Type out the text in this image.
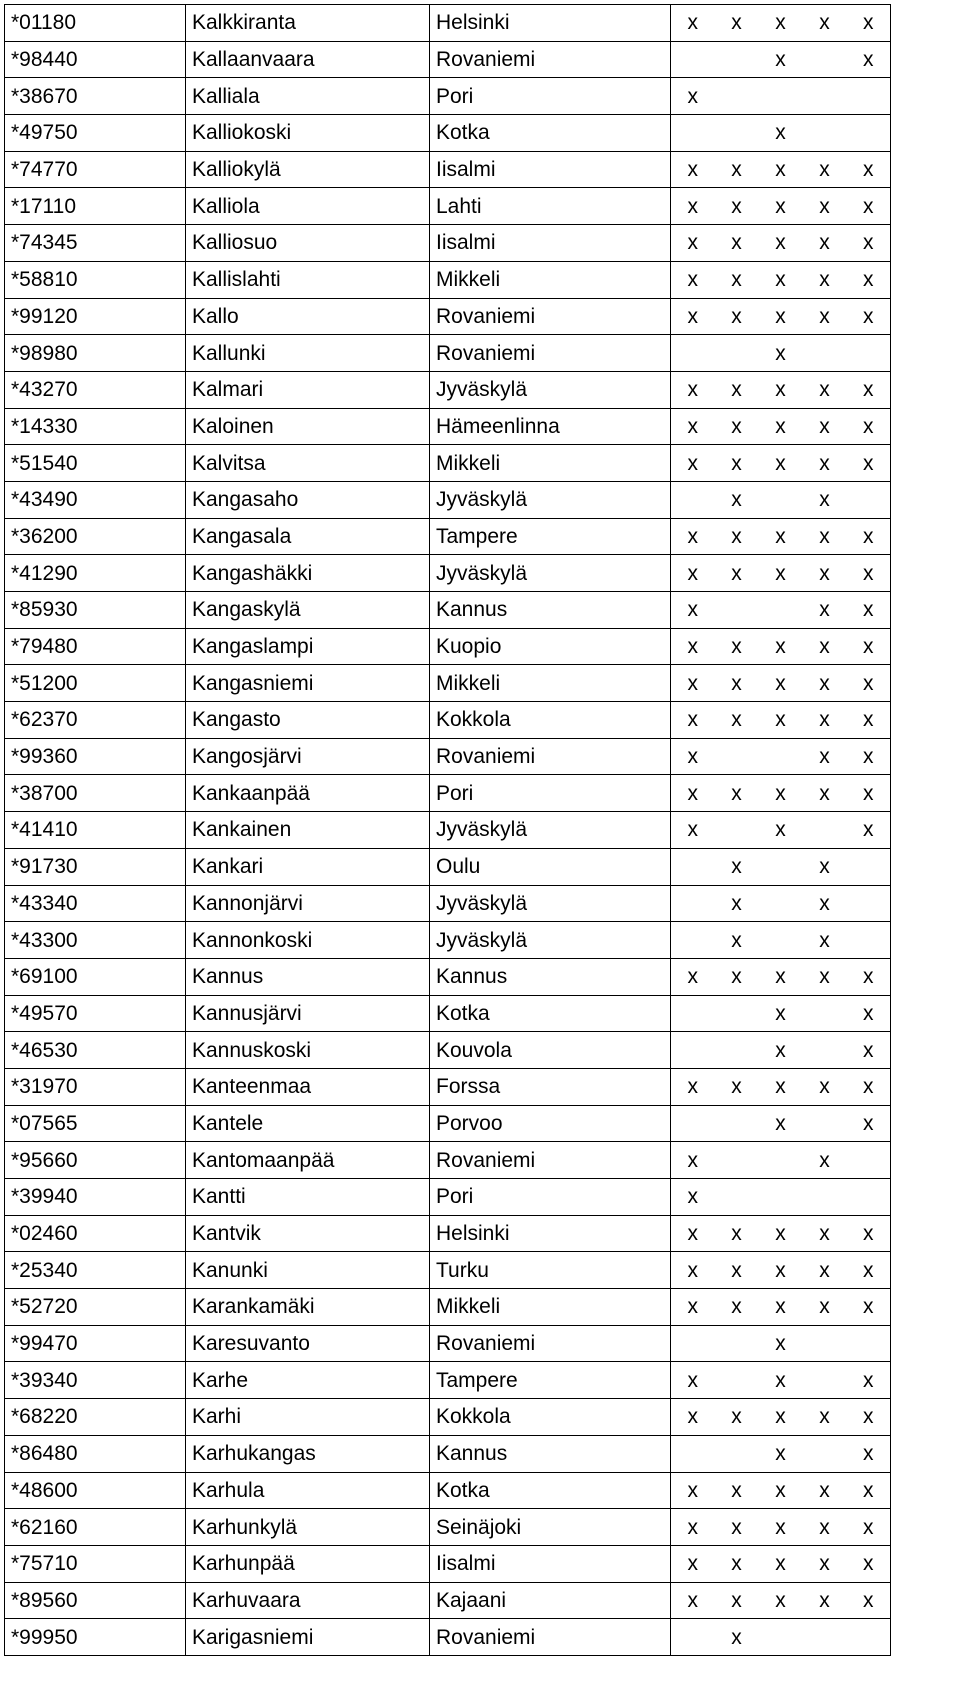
*01180	Kalkkiranta	Helsinki	x	x	x	x	x
*98440	Kallaanvaara	Rovaniemi			x		x
*38670	Kalliala	Pori	x				
*49750	Kalliokoski	Kotka			x		
*74770	Kalliokylä	Iisalmi	x	x	x	x	x
*17110	Kalliola	Lahti	x	x	x	x	x
*74345	Kalliosuo	Iisalmi	x	x	x	x	x
*58810	Kallislahti	Mikkeli	x	x	x	x	x
*99120	Kallo	Rovaniemi	x	x	x	x	x
*98980	Kallunki	Rovaniemi			x		
*43270	Kalmari	Jyväskylä	x	x	x	x	x
*14330	Kaloinen	Hämeenlinna	x	x	x	x	x
*51540	Kalvitsa	Mikkeli	x	x	x	x	x
*43490	Kangasaho	Jyväskylä		x		x	
*36200	Kangasala	Tampere	x	x	x	x	x
*41290	Kangashäkki	Jyväskylä	x	x	x	x	x
*85930	Kangaskylä	Kannus	x			x	x
*79480	Kangaslampi	Kuopio	x	x	x	x	x
*51200	Kangasniemi	Mikkeli	x	x	x	x	x
*62370	Kangasto	Kokkola	x	x	x	x	x
*99360	Kangosjärvi	Rovaniemi	x			x	x
*38700	Kankaanpää	Pori	x	x	x	x	x
*41410	Kankainen	Jyväskylä	x		x		x
*91730	Kankari	Oulu		x		x	
*43340	Kannonjärvi	Jyväskylä		x		x	
*43300	Kannonkoski	Jyväskylä		x		x	
*69100	Kannus	Kannus	x	x	x	x	x
*49570	Kannusjärvi	Kotka			x		x
*46530	Kannuskoski	Kouvola			x		x
*31970	Kanteenmaa	Forssa	x	x	x	x	x
*07565	Kantele	Porvoo			x		x
*95660	Kantomaanpää	Rovaniemi	x			x	
*39940	Kantti	Pori	x				
*02460	Kantvik	Helsinki	x	x	x	x	x
*25340	Kanunki	Turku	x	x	x	x	x
*52720	Karankamäki	Mikkeli	x	x	x	x	x
*99470	Karesuvanto	Rovaniemi			x		
*39340	Karhe	Tampere	x		x		x
*68220	Karhi	Kokkola	x	x	x	x	x
*86480	Karhukangas	Kannus			x		x
*48600	Karhula	Kotka	x	x	x	x	x
*62160	Karhunkylä	Seinäjoki	x	x	x	x	x
*75710	Karhunpää	Iisalmi	x	x	x	x	x
*89560	Karhuvaara	Kajaani	x	x	x	x	x
*99950	Karigasniemi	Rovaniemi		x			
